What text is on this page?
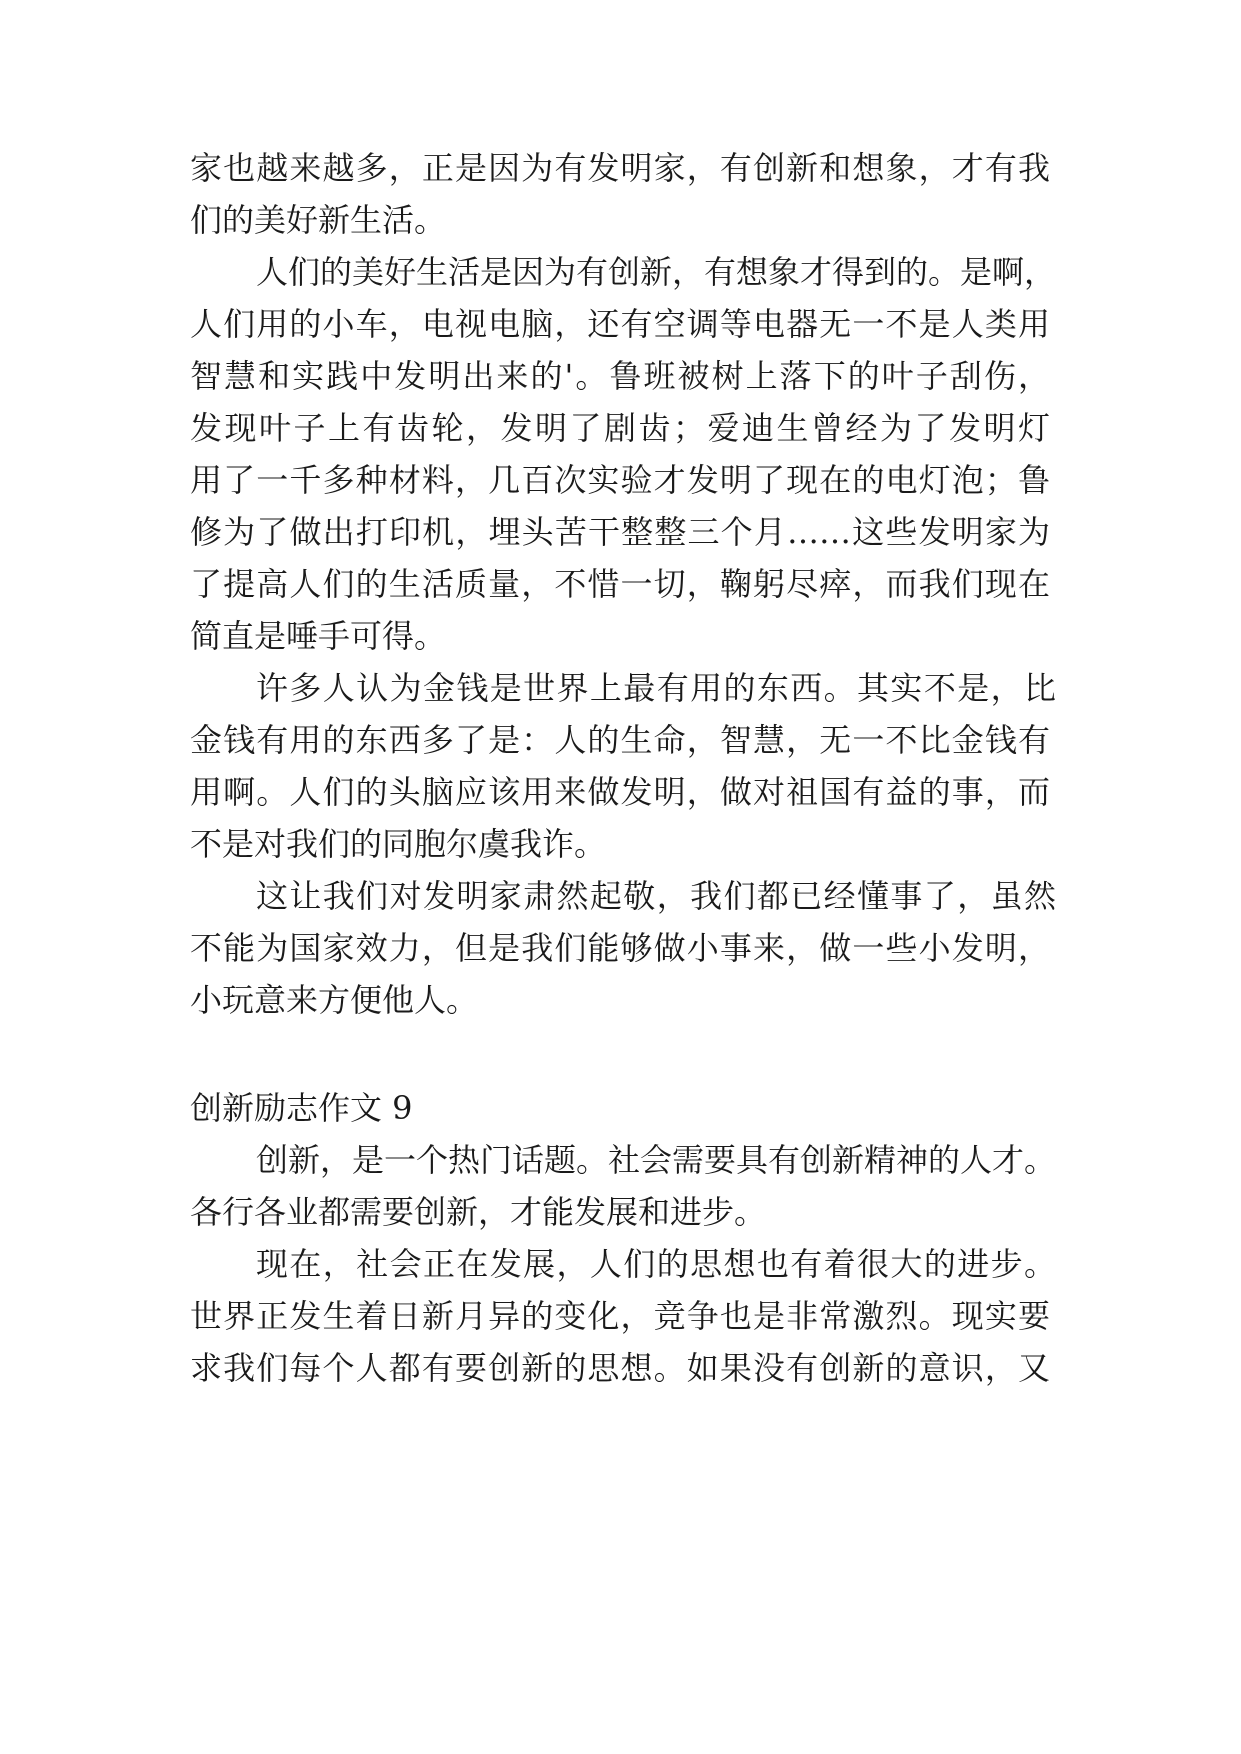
家也越来越多，正是因为有发明家，有创新和想象，才有我
们的美好新生活。
人们的美好生活是因为有创新，有想象才得到的。是啊，
人们用的小车，电视电脑，还有空调等电器无一不是人类用
智慧和实践中发明出来的'。鲁班被树上落下的叶子刮伤，
发现叶子上有齿轮，发明了剧齿；爱迪生曾经为了发明灯
用了一千多种材料，几百次实验才发明了现在的电灯泡；鲁
修为了做出打印机，埋头苦干整整三个月……这些发明家为
了提高人们的生活质量，不惜一切，鞠躬尽瘁，而我们现在
简直是唾手可得。
许多人认为金钱是世界上最有用的东西。其实不是，比
金钱有用的东西多了是：人的生命，智慧，无一不比金钱有
用啊。人们的头脑应该用来做发明，做对祖国有益的事，而
不是对我们的同胞尔虞我诈。
这让我们对发明家肃然起敬，我们都已经懂事了，虽然
不能为国家效力，但是我们能够做小事来，做一些小发明，
小玩意来方便他人。
创新励志作文 9
创新，是一个热门话题。社会需要具有创新精神的人才。
各行各业都需要创新，才能发展和进步。
现在，社会正在发展，人们的思想也有着很大的进步。
世界正发生着日新月异的变化，竞争也是非常激烈。现实要
求我们每个人都有要创新的思想。如果没有创新的意识，又
